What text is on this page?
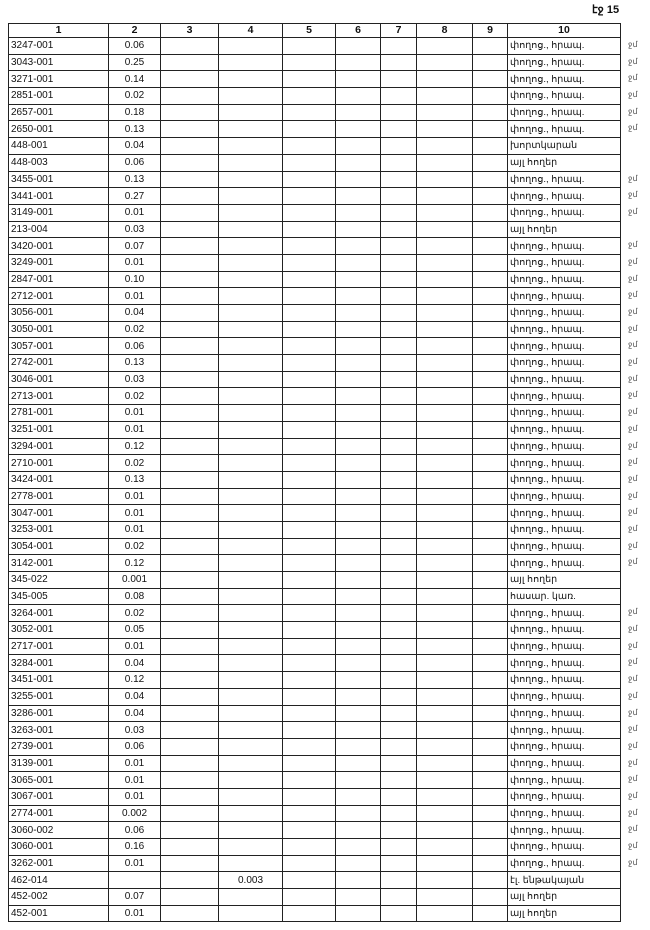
էջ 15
1	2	3	4	5	6	7	8	9	10
3247-001	0.06								փողոց., հրապ.
3043-001	0.25								փողոց., հրապ.
3271-001	0.14								փողոց., հրապ.
2851-001	0.02								փողոց., հրապ.
2657-001	0.18								փողոց., հրապ.
2650-001	0.13								փողոց., հրապ.
448-001	0.04								խորտկարան
448-003	0.06								այլ հողեր
3455-001	0.13								փողոց., հրապ.
3441-001	0.27								փողոց., հրապ.
3149-001	0.01								փողոց., հրապ.
213-004	0.03								այլ հողեր
3420-001	0.07								փողոց., հրապ.
3249-001	0.01								փողոց., հրապ.
2847-001	0.10								փողոց., հրապ.
2712-001	0.01								փողոց., հրապ.
3056-001	0.04								փողոց., հրապ.
3050-001	0.02								փողոց., հրապ.
3057-001	0.06								փողոց., հրապ.
2742-001	0.13								փողոց., հրապ.
3046-001	0.03								փողոց., հրապ.
2713-001	0.02								փողոց., հրապ.
2781-001	0.01								փողոց., հրապ.
3251-001	0.01								փողոց., հրապ.
3294-001	0.12								փողոց., հրապ.
2710-001	0.02								փողոց., հրապ.
3424-001	0.13								փողոց., հրապ.
2778-001	0.01								փողոց., հրապ.
3047-001	0.01								փողոց., հրապ.
3253-001	0.01								փողոց., հրապ.
3054-001	0.02								փողոց., հրապ.
3142-001	0.12								փողոց., հրապ.
345-022	0.001								այլ հողեր
345-005	0.08								հասար. կառ.
3264-001	0.02								փողոց., հրապ.
3052-001	0.05								փողոց., հրապ.
2717-001	0.01								փողոց., հրապ.
3284-001	0.04								փողոց., հրապ.
3451-001	0.12								փողոց., հրապ.
3255-001	0.04								փողոց., հրապ.
3286-001	0.04								փողոց., հրապ.
3263-001	0.03								փողոց., հրապ.
2739-001	0.06								փողոց., հրապ.
3139-001	0.01								փողոց., հրապ.
3065-001	0.01								փողոց., հրապ.
3067-001	0.01								փողոց., հրապ.
2774-001	0.002								փողոց., հրապ.
3060-002	0.06								փողոց., հրապ.
3060-001	0.16								փողոց., հրապ.
3262-001	0.01								փողոց., հրապ.
462-014			0.003						էլ. ենթակայան
452-002	0.07								այլ հողեր
452-001	0.01								այլ հողեր
ջմ
ջմ
ջմ
ջմ
ջմ
ջմ
ջմ
ջմ
ջմ
ջմ
ջմ
ջմ
ջմ
ջմ
ջմ
ջմ
ջմ
ջմ
ջմ
ջմ
ջմ
ջմ
ջմ
ջմ
ջմ
ջմ
ջմ
ջմ
ջմ
ջմ
ջմ
ջմ
ջմ
ջմ
ջմ
ջմ
ջմ
ջմ
ջմ
ջմ
ջմ
ջմ
ջմ
ջմ
ջմ
